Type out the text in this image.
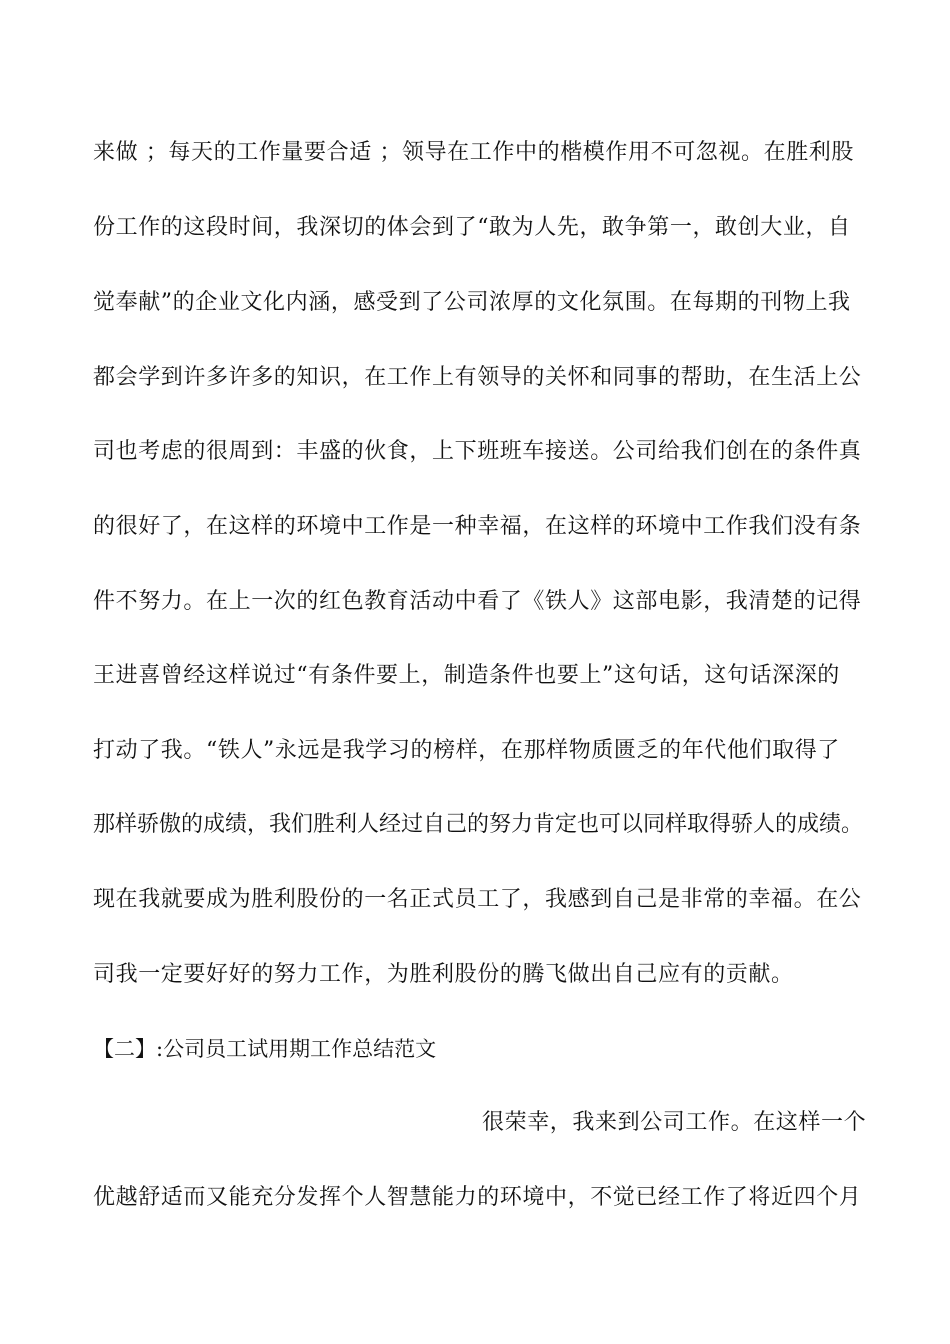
来做 ；每天的工作量要合适 ；领导在工作中的楷模作用不可忽视。在胜利股
份工作的这段时间，我深切的体会到了“敢为人先，敢争第一，敢创大业，自
觉奉献”的企业文化内涵，感受到了公司浓厚的文化氛围。在每期的刊物上我
都会学到许多许多的知识，在工作上有领导的关怀和同事的帮助，在生活上公
司也考虑的很周到：丰盛的伙食，上下班班车接送。公司给我们创在的条件真
的很好了，在这样的环境中工作是一种幸福，在这样的环境中工作我们没有条
件不努力。在上一次的红色教育活动中看了《铁人》这部电影，我清楚的记得
王进喜曾经这样说过“有条件要上，制造条件也要上”这句话，这句话深深的
打动了我。“铁人”永远是我学习的榜样，在那样物质匮乏的年代他们取得了
那样骄傲的成绩，我们胜利人经过自己的努力肯定也可以同样取得骄人的成绩。
现在我就要成为胜利股份的一名正式员工了，我感到自己是非常的幸福。在公
司我一定要好好的努力工作，为胜利股份的腾飞做出自己应有的贡献。
【二】:公司员工试用期工作总结范文
很荣幸，我来到公司工作。在这样一个
优越舒适而又能充分发挥个人智慧能力的环境中，不觉已经工作了将近四个月
